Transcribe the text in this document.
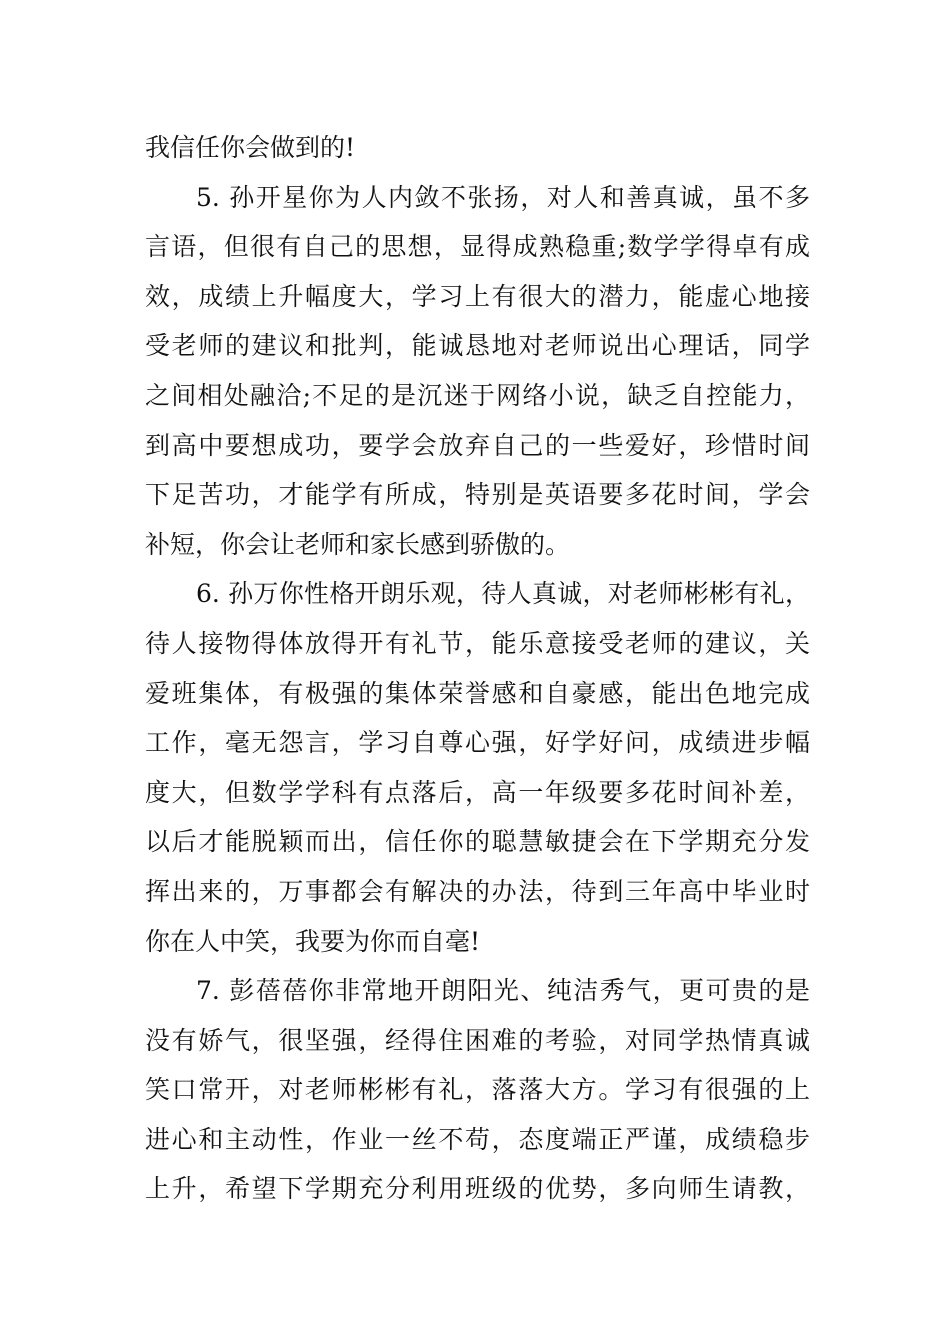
我信任你会做到的!
5. 孙开星你为人内敛不张扬，对人和善真诚，虽不多
言语，但很有自己的思想，显得成熟稳重;数学学得卓有成
效，成绩上升幅度大，学习上有很大的潜力，能虚心地接
受老师的建议和批判，能诚恳地对老师说出心理话，同学
之间相处融洽;不足的是沉迷于网络小说，缺乏自控能力，
到高中要想成功，要学会放弃自己的一些爱好，珍惜时间
下足苦功，才能学有所成，特别是英语要多花时间，学会
补短，你会让老师和家长感到骄傲的。
6. 孙万你性格开朗乐观，待人真诚，对老师彬彬有礼，
待人接物得体放得开有礼节，能乐意接受老师的建议，关
爱班集体，有极强的集体荣誉感和自豪感，能出色地完成
工作，毫无怨言，学习自尊心强，好学好问，成绩进步幅
度大，但数学学科有点落后，高一年级要多花时间补差，
以后才能脱颖而出，信任你的聪慧敏捷会在下学期充分发
挥出来的，万事都会有解决的办法，待到三年高中毕业时
你在人中笑，我要为你而自毫!
7. 彭蓓蓓你非常地开朗阳光、纯洁秀气，更可贵的是
没有娇气，很坚强，经得住困难的考验，对同学热情真诚
笑口常开，对老师彬彬有礼，落落大方。学习有很强的上
进心和主动性，作业一丝不苟，态度端正严谨，成绩稳步
上升，希望下学期充分利用班级的优势，多向师生请教，
